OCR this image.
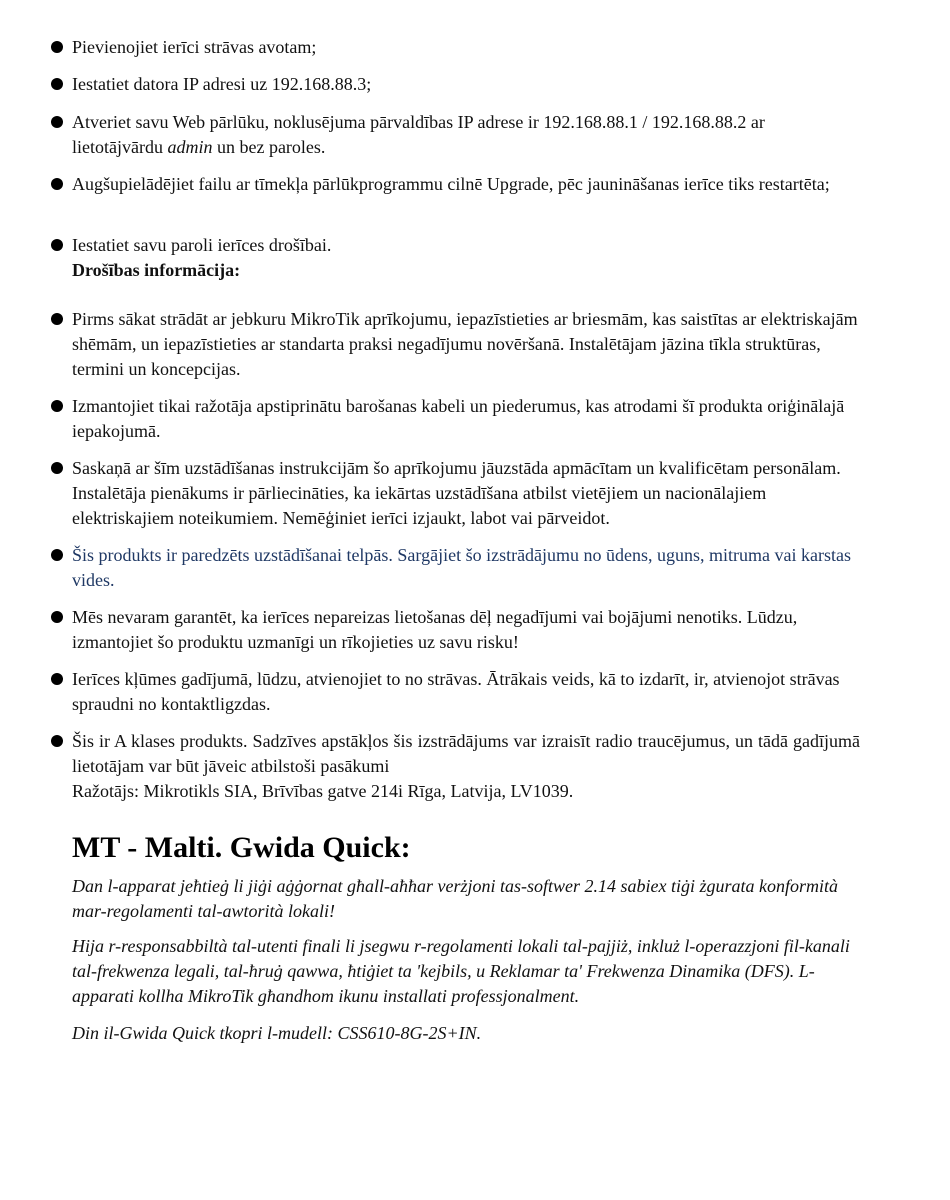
Pievienojiet ierīci strāvas avotam;
Iestatiet datora IP adresi uz 192.168.88.3;
Atveriet savu Web pārlūku, noklusējuma pārvaldības IP adrese ir 192.168.88.1 / 192.168.88.2 ar lietotājvārdu admin un bez paroles.
Augšupielādējiet failu ar tīmekļa pārlūkprogrammu cilnē Upgrade, pēc jaunināšanas ierīce tiks restartēta;
Iestatiet savu paroli ierīces drošībai.
Drošības informācija:
Pirms sākat strādāt ar jebkuru MikroTik aprīkojumu, iepazīstieties ar briesmām, kas saistītas ar elektriskajām shēmām, un iepazīstieties ar standarta praksi negadījumu novēršanā. Instalētājam jāzina tīkla struktūras, termini un koncepcijas.
Izmantojiet tikai ražotāja apstiprinātu barošanas kabeli un piederumus, kas atrodami šī produkta oriģinālajā iepakojumā.
Saskaņā ar šīm uzstādīšanas instrukcijām šo aprīkojumu jāuzstāda apmācītam un kvalificētam personālam. Instalētāja pienākums ir pārliecināties, ka iekārtas uzstādīšana atbilst vietējiem un nacionālajiem elektriskajiem noteikumiem. Nemēģiniet ierīci izjaukt, labot vai pārveidot.
Šis produkts ir paredzēts uzstādīšanai telpās. Sargājiet šo izstrādājumu no ūdens, uguns, mitruma vai karstas vides.
Mēs nevaram garantēt, ka ierīces nepareizas lietošanas dēļ negadījumi vai bojājumi nenotiks. Lūdzu, izmantojiet šo produktu uzmanīgi un rīkojieties uz savu risku!
Ierīces kļūmes gadījumā, lūdzu, atvienojiet to no strāvas. Ātrākais veids, kā to izdarīt, ir, atvienojot strāvas spraudni no kontaktligzdas.
Šis ir A klases produkts. Sadzīves apstākļos šis izstrādājums var izraisīt radio traucējumus, un tādā gadījumā lietotājam var būt jāveic atbilstoši pasākumi
Ražotājs: Mikrotikls SIA, Brīvības gatve 214i Rīga, Latvija, LV1039.
MT - Malti. Gwida Quick:

Dan l-apparat jeħtieġ li jiġi aġġornat għall-aħħar verżjoni tas-softwer 2.14 sabiex tiġi żgurata konformità mar-regolamenti tal-awtorità lokali!

Hija r-responsabbiltà tal-utenti finali li jsegwu r-regolamenti lokali tal-pajjiż, inkluż l-operazzjoni fil-kanali tal-frekwenza legali, tal-ħruġ qawwa, ħtiġiet ta 'kejbils, u Reklamar ta' Frekwenza Dinamika (DFS). L-apparati kollha MikroTik għandhom ikunu installati professjonalment.

Din il-Gwida Quick tkopri l-mudell: CSS610-8G-2S+IN.
